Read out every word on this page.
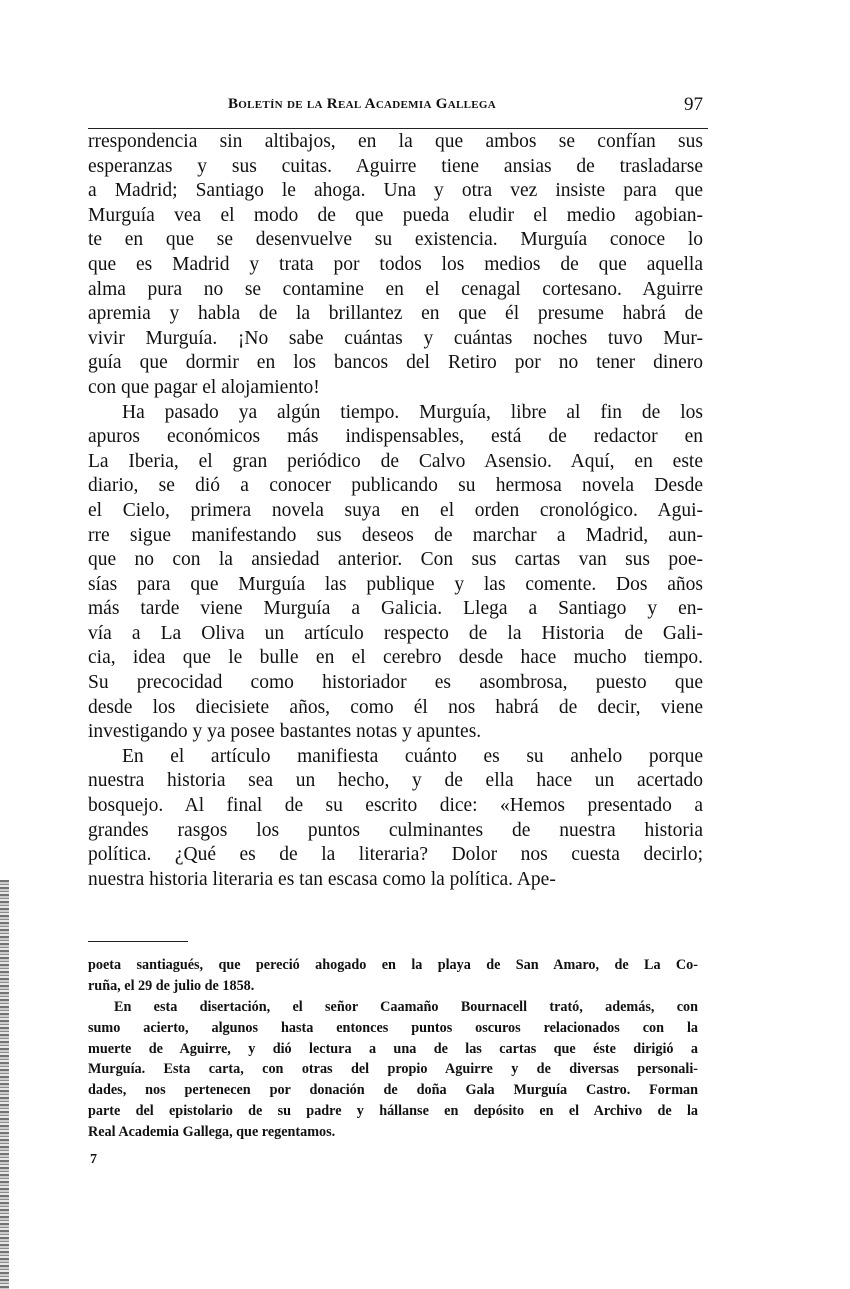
Boletín de la Real Academia Gallega	97
rrespondencia sin altibajos, en la que ambos se confían sus
esperanzas y sus cuitas. Aguirre tiene ansias de trasladarse
a Madrid; Santiago le ahoga. Una y otra vez insiste para que
Murguía vea el modo de que pueda eludir el medio agobian-
te en que se desenvuelve su existencia. Murguía conoce lo
que es Madrid y trata por todos los medios de que aquella
alma pura no se contamine en el cenagal cortesano. Aguirre
apremia y habla de la brillantez en que él presume habrá de
vivir Murguía. ¡No sabe cuántas y cuántas noches tuvo Mur-
guía que dormir en los bancos del Retiro por no tener dinero
con que pagar el alojamiento!
Ha pasado ya algún tiempo. Murguía, libre al fin de los
apuros económicos más indispensables, está de redactor en
La Iberia, el gran periódico de Calvo Asensio. Aquí, en este
diario, se dió a conocer publicando su hermosa novela Desde
el Cielo, primera novela suya en el orden cronológico. Agui-
rre sigue manifestando sus deseos de marchar a Madrid, aun-
que no con la ansiedad anterior. Con sus cartas van sus poe-
sías para que Murguía las publique y las comente. Dos años
más tarde viene Murguía a Galicia. Llega a Santiago y en-
vía a La Oliva un artículo respecto de la Historia de Gali-
cia, idea que le bulle en el cerebro desde hace mucho tiempo.
Su precocidad como historiador es asombrosa, puesto que
desde los diecisiete años, como él nos habrá de decir, viene
investigando y ya posee bastantes notas y apuntes.
En el artículo manifiesta cuánto es su anhelo porque
nuestra historia sea un hecho, y de ella hace un acertado
bosquejo. Al final de su escrito dice: «Hemos presentado a
grandes rasgos los puntos culminantes de nuestra historia
política. ¿Qué es de la literaria? Dolor nos cuesta decirlo;
nuestra historia literaria es tan escasa como la política. Ape-
poeta santiagués, que pereció ahogado en la playa de San Amaro, de La Co-
ruña, el 29 de julio de 1858.
En esta disertación, el señor Caamaño Bournacell trató, además, con
sumo acierto, algunos hasta entonces puntos oscuros relacionados con la
muerte de Aguirre, y dió lectura a una de las cartas que éste dirigió a
Murguía. Esta carta, con otras del propio Aguirre y de diversas personali-
dades, nos pertenecen por donación de doña Gala Murguía Castro. Forman
parte del epistolario de su padre y hállanse en depósito en el Archivo de la
Real Academia Gallega, que regentamos.
7
